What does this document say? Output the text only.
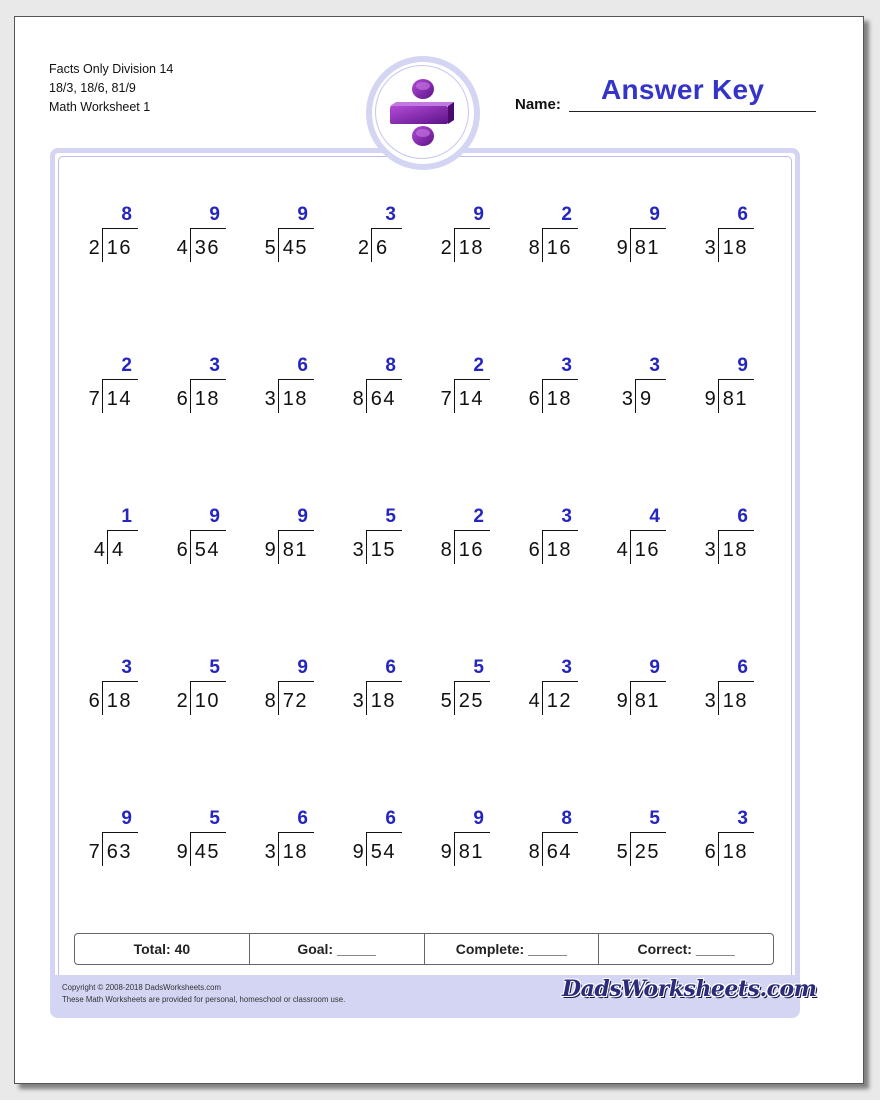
Facts Only Division 14
18/3, 18/6, 81/9
Math Worksheet 1	Name: Answer Key
8
2 16
9
4 36
9
5 45
3
2 6
9
2 18
2
8 16
9
9 81
6
3 18
2
7 14
3
6 18
6
3 18
8
8 64
2
7 14
3
6 18
3
3 9
9
9 81
1
4 4
9
6 54
9
9 81
5
3 15
2
8 16
3
6 18
4
4 16
6
3 18
3
6 18
5
2 10
9
8 72
6
3 18
5
5 25
3
4 12
9
9 81
6
3 18
9
7 63
5
9 45
6
3 18
6
9 54
9
9 81
8
8 64
5
5 25
3
6 18
Total: 40	Goal: _____	Complete: _____	Correct: _____
Copyright © 2008-2018 DadsWorksheets.com
These Math Worksheets are provided for personal, homeschool or classroom use.	DadsWorksheets.com
